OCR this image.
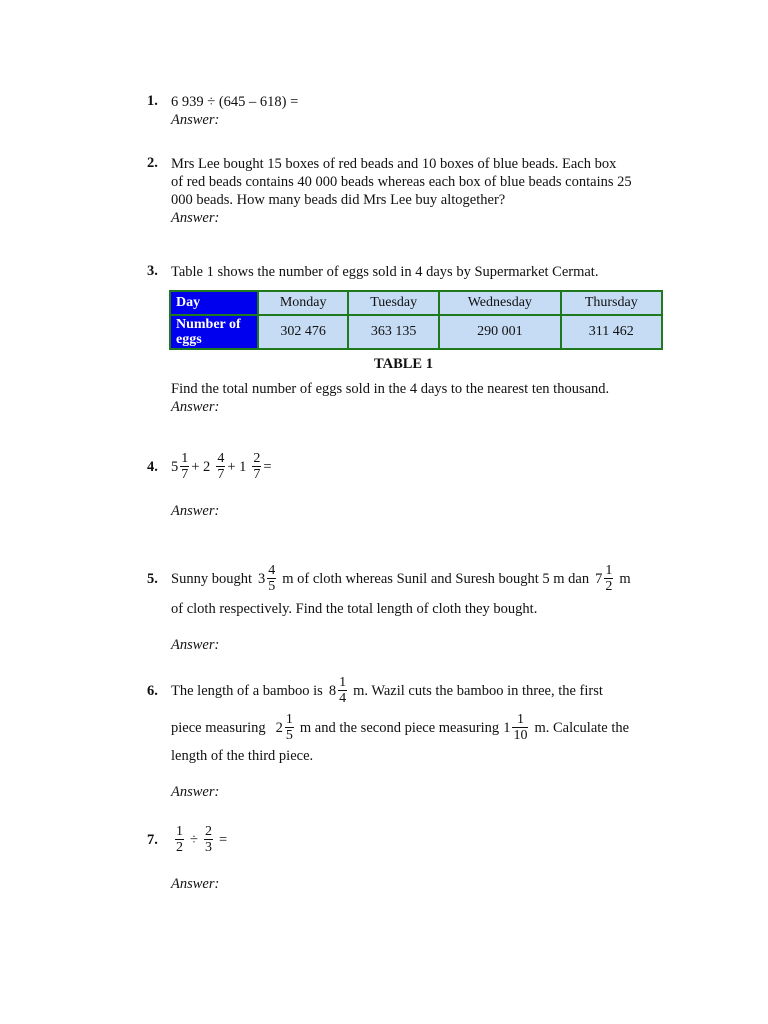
1. 6 939 ÷ (645 – 618) =
Answer:
2. Mrs Lee bought 15 boxes of red beads and 10 boxes of blue beads. Each box
of red beads contains 40 000 beads whereas each box of blue beads contains 25
000 beads. How many beads did Mrs Lee buy altogether?
Answer:
3. Table 1 shows the number of eggs sold in 4 days by Supermarket Cermat.
Day	Monday	Tuesday	Wednesday	Thursday
Number of
eggs	302 476	363 135	290 001	311 462
TABLE 1
Find the total number of eggs sold in the 4 days to the nearest ten thousand.
Answer:
4. $5 \frac{1}{7} + 2 \frac{4}{7} + 1 \frac{2}{7}$ =
Answer:
5. Sunny bought $3 \frac{4}{5}$ m of cloth whereas Sunil and Suresh bought 5 m dan $7 \frac{1}{2}$ m
of cloth respectively. Find the total length of cloth they bought.
Answer:
6. The length of a bamboo is $8 \frac{1}{4} m$. Wazil cuts the bamboo in three, the first
piece measuring $2 \frac{1}{5}$ m and the second piece measuring $1 \frac{1}{10} m$. Calculate the
length of the third piece.
Answer:
7. $\frac{1}{2} \div \frac{2}{3}$ =
Answer:
